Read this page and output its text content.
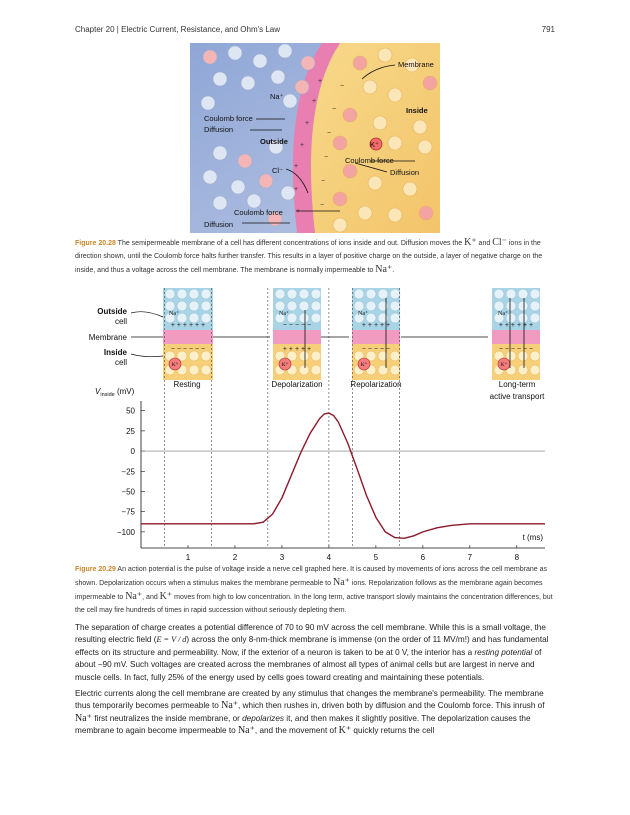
Chapter 20 | Electric Current, Resistance, and Ohm's Law	791
+
+
+
+
+
+
+
−
−
−
−
−
−
Membrane
Inside
Outside
Na⁺
K⁺
Cl⁻
Coulomb force
Diffusion
Coulomb force
Diffusion
Coulomb force
Diffusion
Figure 20.28 The semipermeable membrane of a cell has different concentrations of ions inside and out. Diffusion moves the K⁺ and Cl⁻ ions in the direction shown, until the Coulomb force halts further transfer. This results in a layer of positive charge on the outside, a layer of negative charge on the inside, and thus a voltage across the cell membrane. The membrane is normally impermeable to Na⁺.
Outside
cell
Membrane
Inside
cell
+ + + + + +
− − − − − −
Na⁺
K⁺
− − − − −
+ + + + +
Na⁺
K⁺
+ + + + +
− − − − −
Na⁺
K⁺
+ + + + + +
− − − − − −
Na⁺
K⁺
Resting	Depolarization	Repolarization	Long-term
active transport
50
25
0
−25
−50
−75
−100
1	2	3	4	5	6	7	8
$V_{inside}$ (mV)
t (ms)
Figure 20.29 An action potential is the pulse of voltage inside a nerve cell graphed here. It is caused by movements of ions across the cell membrane as shown. Depolarization occurs when a stimulus makes the membrane permeable to Na⁺ ions. Repolarization follows as the membrane again becomes impermeable to Na⁺, and K⁺ moves from high to low concentration. In the long term, active transport slowly maintains the concentration differences, but the cell may fire hundreds of times in rapid succession without seriously depleting them.

The separation of charge creates a potential difference of 70 to 90 mV across the cell membrane. While this is a small voltage, the resulting electric field (E = V / d) across the only 8-nm-thick membrane is immense (on the order of 11 MV/m!) and has fundamental effects on its structure and permeability. Now, if the exterior of a neuron is taken to be at 0 V, the interior has a resting potential of about −90 mV. Such voltages are created across the membranes of almost all types of animal cells but are largest in nerve and muscle cells. In fact, fully 25% of the energy used by cells goes toward creating and maintaining these potentials.

Electric currents along the cell membrane are created by any stimulus that changes the membrane's permeability. The membrane thus temporarily becomes permeable to Na⁺, which then rushes in, driven both by diffusion and the Coulomb force. This inrush of Na⁺ first neutralizes the inside membrane, or depolarizes it, and then makes it slightly positive. The depolarization causes the membrane to again become impermeable to Na⁺, and the movement of K⁺ quickly returns the cell
